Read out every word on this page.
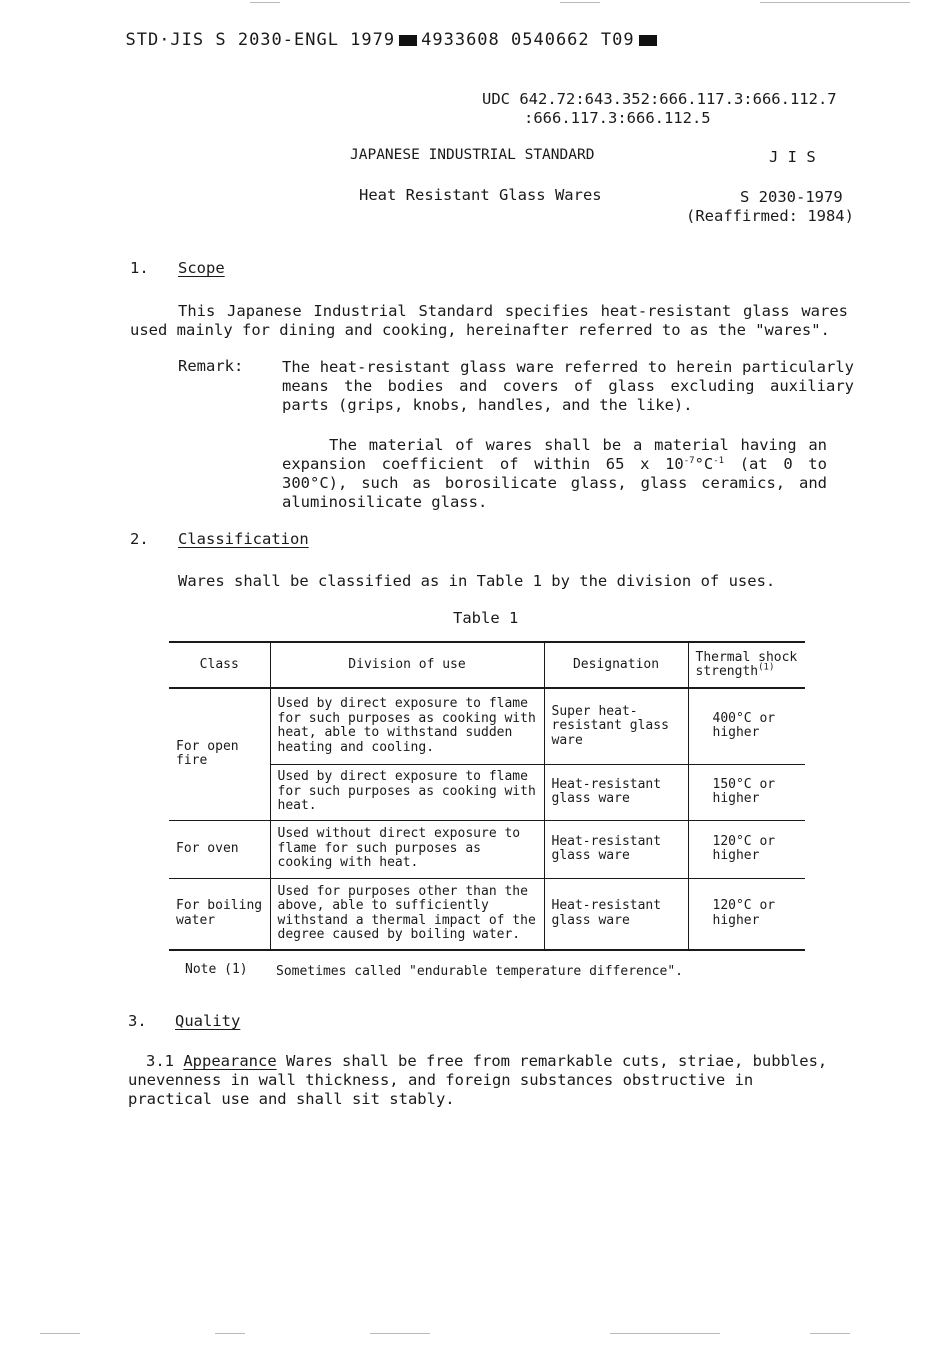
STD·JIS S 2030-ENGL 1979 4933608 0540662 T09

UDC 642.72:643.352:666.117.3:666.112.7
:666.117.3:666.112.5
JAPANESE INDUSTRIAL STANDARD	J I S
Heat Resistant Glass Wares	S 2030-1979
(Reaffirmed: 1984)
1. Scope
This Japanese Industrial Standard specifies heat-resistant glass wares used mainly for dining and cooking, hereinafter referred to as the "wares".
Remark: The heat-resistant glass ware referred to herein particularly means the bodies and covers of glass excluding auxiliary parts (grips, knobs, handles, and the like).
The material of wares shall be a material having an expansion coefficient of within 65 x $10^{-7}^\circ C^{-1}$ (at 0 to 300°C), such as borosilicate glass, glass ceramics, and aluminosilicate glass.
2. Classification
Wares shall be classified as in Table 1 by the division of uses.
Table 1
Class	Division of use	Designation	Thermal shock strength$^{(1)}$
For open fire	Used by direct exposure to flame for such purposes as cooking with heat, able to withstand sudden heating and cooling.	Super heat-resistant glass ware	400°C or higher
	Used by direct exposure to flame for such purposes as cooking with heat.	Heat-resistant glass ware	150°C or higher
For oven	Used without direct exposure to flame for such purposes as cooking with heat.	Heat-resistant glass ware	120°C or higher
For boiling water	Used for purposes other than the above, able to sufficiently withstand a thermal impact of the degree caused by boiling water.	Heat-resistant glass ware	120°C or higher
Note (1) Sometimes called "endurable temperature difference".
3. Quality
3.1 Appearance Wares shall be free from remarkable cuts, striae, bubbles, unevenness in wall thickness, and foreign substances obstructive in practical use and shall sit stably.
